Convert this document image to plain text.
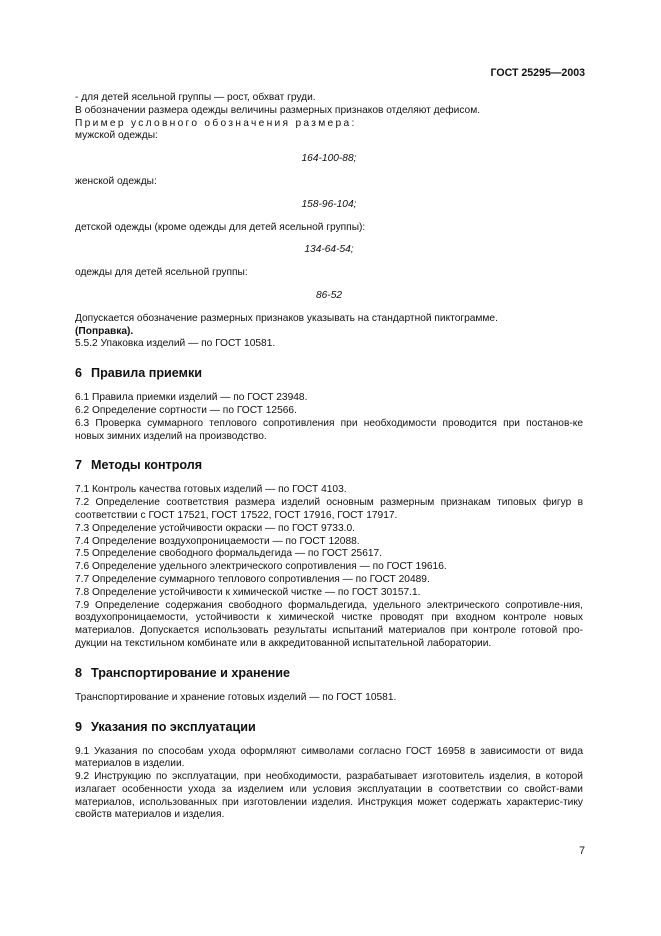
ГОСТ 25295—2003

- для детей ясельной группы — рост, обхват груди.

В обозначении размера одежды величины размерных признаков отделяют дефисом.

Пример условного обозначения размера:

мужской одежды:

164-100-88;

женской одежды:

158-96-104;

детской одежды (кроме одежды для детей ясельной группы):

134-64-54;

одежды для детей ясельной группы:

86-52

Допускается обозначение размерных признаков указывать на стандартной пиктограмме.

(Поправка).

5.5.2 Упаковка изделий — по ГОСТ 10581.

6 Правила приемки

6.1 Правила приемки изделий — по ГОСТ 23948.

6.2 Определение сортности — по ГОСТ 12566.

6.3 Проверка суммарного теплового сопротивления при необходимости проводится при постанов-ке новых зимних изделий на производство.

7 Методы контроля

7.1 Контроль качества готовых изделий — по ГОСТ 4103.

7.2 Определение соответствия размера изделий основным размерным признакам типовых фигур в соответствии с ГОСТ 17521, ГОСТ 17522, ГОСТ 17916, ГОСТ 17917.

7.3 Определение устойчивости окраски — по ГОСТ 9733.0.

7.4 Определение воздухопроницаемости — по ГОСТ 12088.

7.5 Определение свободного формальдегида — по ГОСТ 25617.

7.6 Определение удельного электрического сопротивления — по ГОСТ 19616.

7.7 Определение суммарного теплового сопротивления — по ГОСТ 20489.

7.8 Определение устойчивости к химической чистке — по ГОСТ 30157.1.

7.9 Определение содержания свободного формальдегида, удельного электрического сопротивле-ния, воздухопроницаемости, устойчивости к химической чистке проводят при входном контроле новых материалов. Допускается использовать результаты испытаний материалов при контроле готовой про-дукции на текстильном комбинате или в аккредитованной испытательной лаборатории.

8 Транспортирование и хранение

Транспортирование и хранение готовых изделий — по ГОСТ 10581.

9 Указания по эксплуатации

9.1 Указания по способам ухода оформляют символами согласно ГОСТ 16958 в зависимости от вида материалов в изделии.

9.2 Инструкцию по эксплуатации, при необходимости, разрабатывает изготовитель изделия, в которой излагает особенности ухода за изделием или условия эксплуатации в соответствии со свойст-вами материалов, использованных при изготовлении изделия. Инструкция может содержать характерис-тику свойств материалов и изделия.

7
